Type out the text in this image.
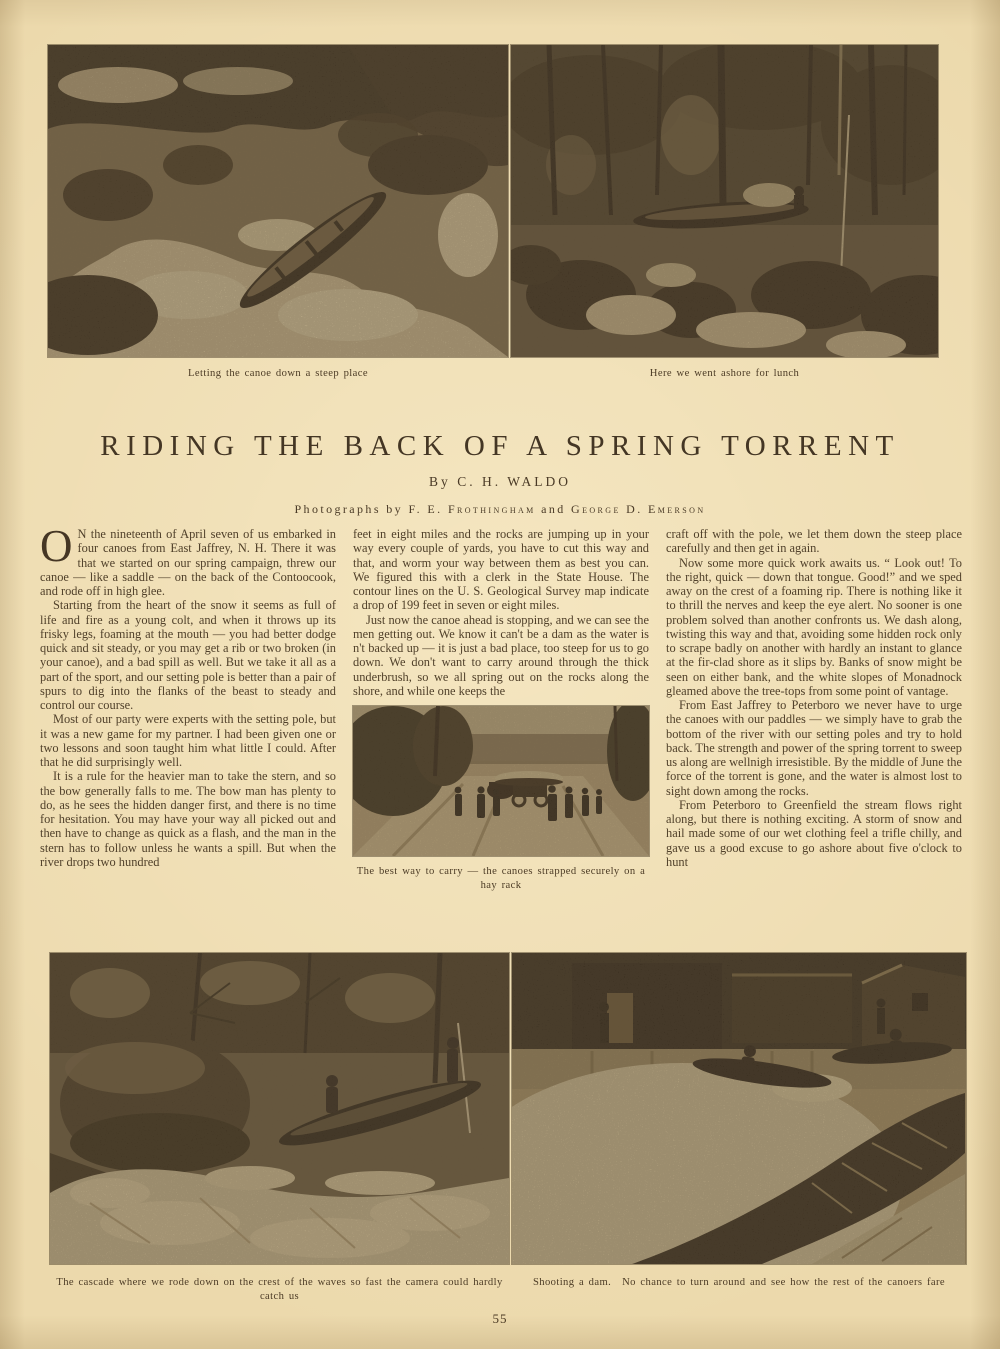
Letting the canoe down a steep place	Here we went ashore for lunch
RIDING THE BACK OF A SPRING TORRENT
By C. H. WALDO
Photographs by F. E. Frothingham and George D. Emerson

O N the nineteenth of April seven of us embarked in four canoes from East Jaffrey, N. H. There it was that we started on our spring campaign, threw our canoe — like a saddle — on the back of the Contoocook, and rode off in high glee.

Starting from the heart of the snow it seems as full of life and fire as a young colt, and when it throws up its frisky legs, foaming at the mouth — you had better dodge quick and sit steady, or you may get a rib or two broken (in your canoe), and a bad spill as well. But we take it all as a part of the sport, and our setting pole is better than a pair of spurs to dig into the flanks of the beast to steady and control our course.

Most of our party were experts with the setting pole, but it was a new game for my partner. I had been given one or two lessons and soon taught him what little I could. After that he did surprisingly well.

It is a rule for the heavier man to take the stern, and so the bow generally falls to me. The bow man has plenty to do, as he sees the hidden danger first, and there is no time for hesitation. You may have your way all picked out and then have to change as quick as a flash, and the man in the stern has to follow unless he wants a spill. But when the river drops two hundred

feet in eight miles and the rocks are jumping up in your way every couple of yards, you have to cut this way and that, and worm your way between them as best you can. We figured this with a clerk in the State House. The contour lines on the U. S. Geological Survey map indicate a drop of 199 feet in seven or eight miles.

Just now the canoe ahead is stopping, and we can see the men getting out. We know it can't be a dam as the water is n't backed up — it is just a bad place, too steep for us to go down. We don't want to carry around through the thick underbrush, so we all spring out on the rocks along the shore, and while one keeps the

The best way to carry — the canoes strapped securely on a hay rack

craft off with the pole, we let them down the steep place carefully and then get in again.

Now some more quick work awaits us. “ Look out! To the right, quick — down that tongue. Good!” and we sped away on the crest of a foaming rip. There is nothing like it to thrill the nerves and keep the eye alert. No sooner is one problem solved than another confronts us. We dash along, twisting this way and that, avoiding some hidden rock only to scrape badly on another with hardly an instant to glance at the fir-clad shore as it slips by. Banks of snow might be seen on either bank, and the white slopes of Monadnock gleamed above the tree-tops from some point of vantage.

From East Jaffrey to Peterboro we never have to urge the canoes with our paddles — we simply have to grab the bottom of the river with our setting poles and try to hold back. The strength and power of the spring torrent to sweep us along are wellnigh irresistible. By the middle of June the force of the torrent is gone, and the water is almost lost to sight down among the rocks.

From Peterboro to Greenfield the stream flows right along, but there is nothing exciting. A storm of snow and hail made some of our wet clothing feel a trifle chilly, and gave us a good excuse to go ashore about five o'clock to hunt

The cascade where we rode down on the crest of the waves so fast the camera could hardly catch us
Shooting a dam. No chance to turn around and see how the rest of the canoers fare
55
